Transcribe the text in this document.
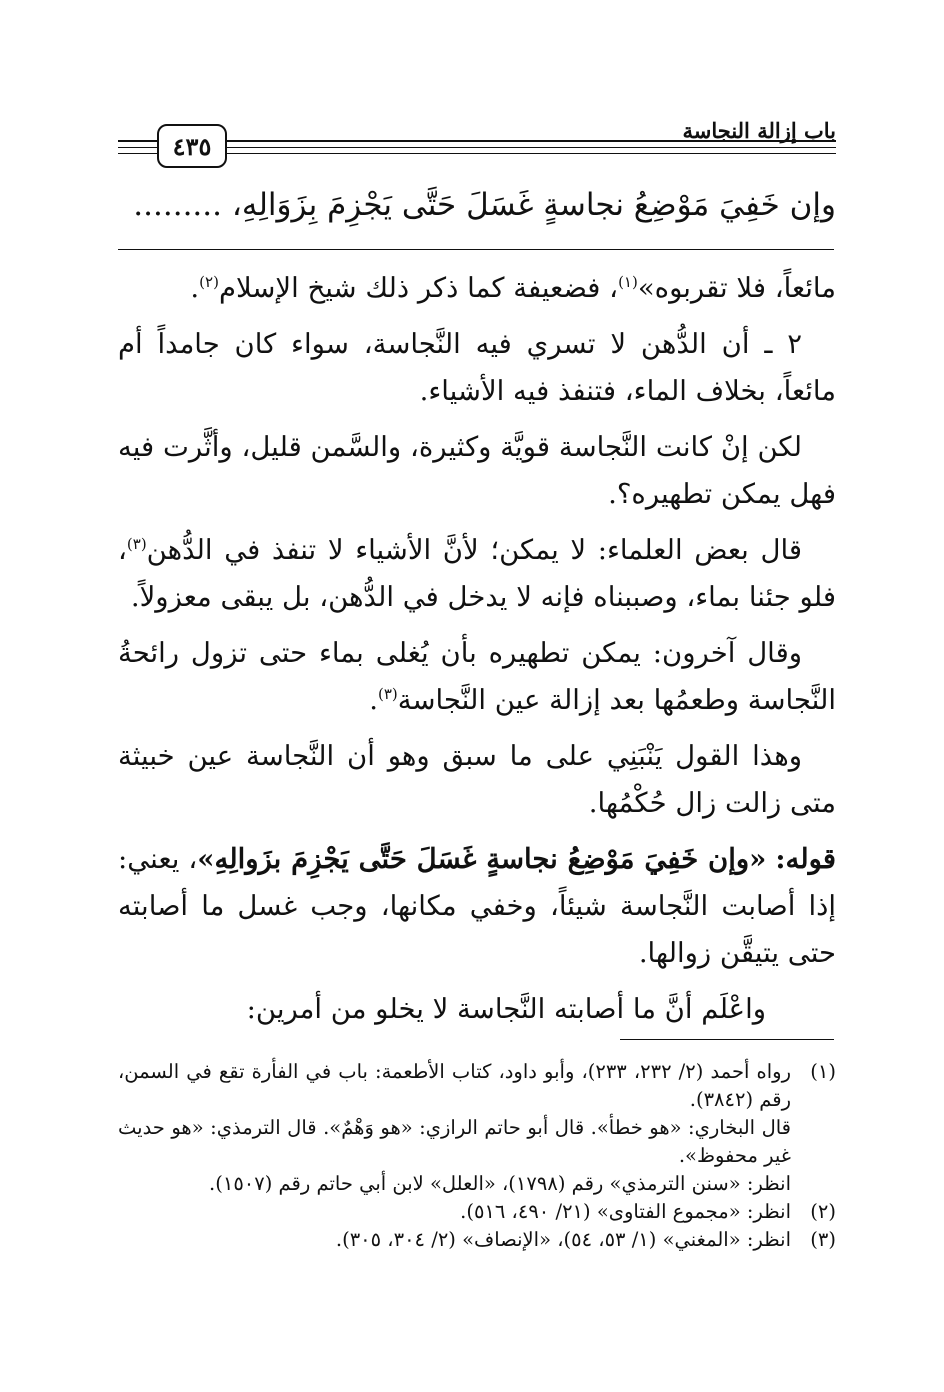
باب إزالة النجاسة
٤٣٥
وإن خَفِيَ مَوْضِعُ نجاسةٍ غَسَلَ حَتَّى يَجْزِمَ بِزَوَالِهِ، .........

مائعاً، فلا تقربوه»$^{(١)}$، فضعيفة كما ذكر ذلك شيخ الإسلام$^{(٢)}$.

٢ ـ أن الدُّهن لا تسري فيه النَّجاسة، سواء كان جامداً أم مائعاً، بخلاف الماء، فتنفذ فيه الأشياء.

لكن إنْ كانت النَّجاسة قويَّة وكثيرة، والسَّمن قليل، وأثَّرت فيه فهل يمكن تطهيره؟.

قال بعض العلماء: لا يمكن؛ لأنَّ الأشياء لا تنفذ في الدُّهن$^{(٣)}$، فلو جئنا بماء، وصببناه فإنه لا يدخل في الدُّهن، بل يبقى معزولاً.

وقال آخرون: يمكن تطهيره بأن يُغلى بماء حتى تزول رائحةُ النَّجاسة وطعمُها بعد إزالة عين النَّجاسة$^{(٣)}$.

وهذا القول يَنْبَنِي على ما سبق وهو أن النَّجاسة عين خبيثة متى زالت زال حُكْمُها.

قوله: «وإن خَفِيَ مَوْضِعُ نجاسةٍ غَسَلَ حَتَّى يَجْزِمَ بزَوالِهِ»، يعني: إذا أصابت النَّجاسة شيئاً، وخفي مكانها، وجب غسل ما أصابته حتى يتيقَّن زوالها.

واعْلَم أنَّ ما أصابته النَّجاسة لا يخلو من أمرين:

(١)
رواه أحمد (٢/ ٢٣٢، ٢٣٣)، وأبو داود، كتاب الأطعمة: باب في الفأرة تقع في السمن، رقم (٣٨٤٢).
قال البخاري: «هو خطأ». قال أبو حاتم الرازي: «هو وَهْمٌ». قال الترمذي: «هو حديث غير محفوظ».
انظر: «سنن الترمذي» رقم (١٧٩٨)، «العلل» لابن أبي حاتم رقم (١٥٠٧).
(٢)
انظر: «مجموع الفتاوى» (٢١/ ٤٩٠، ٥١٦).
(٣)
انظر: «المغني» (١/ ٥٣، ٥٤)، «الإنصاف» (٢/ ٣٠٤، ٣٠٥).
